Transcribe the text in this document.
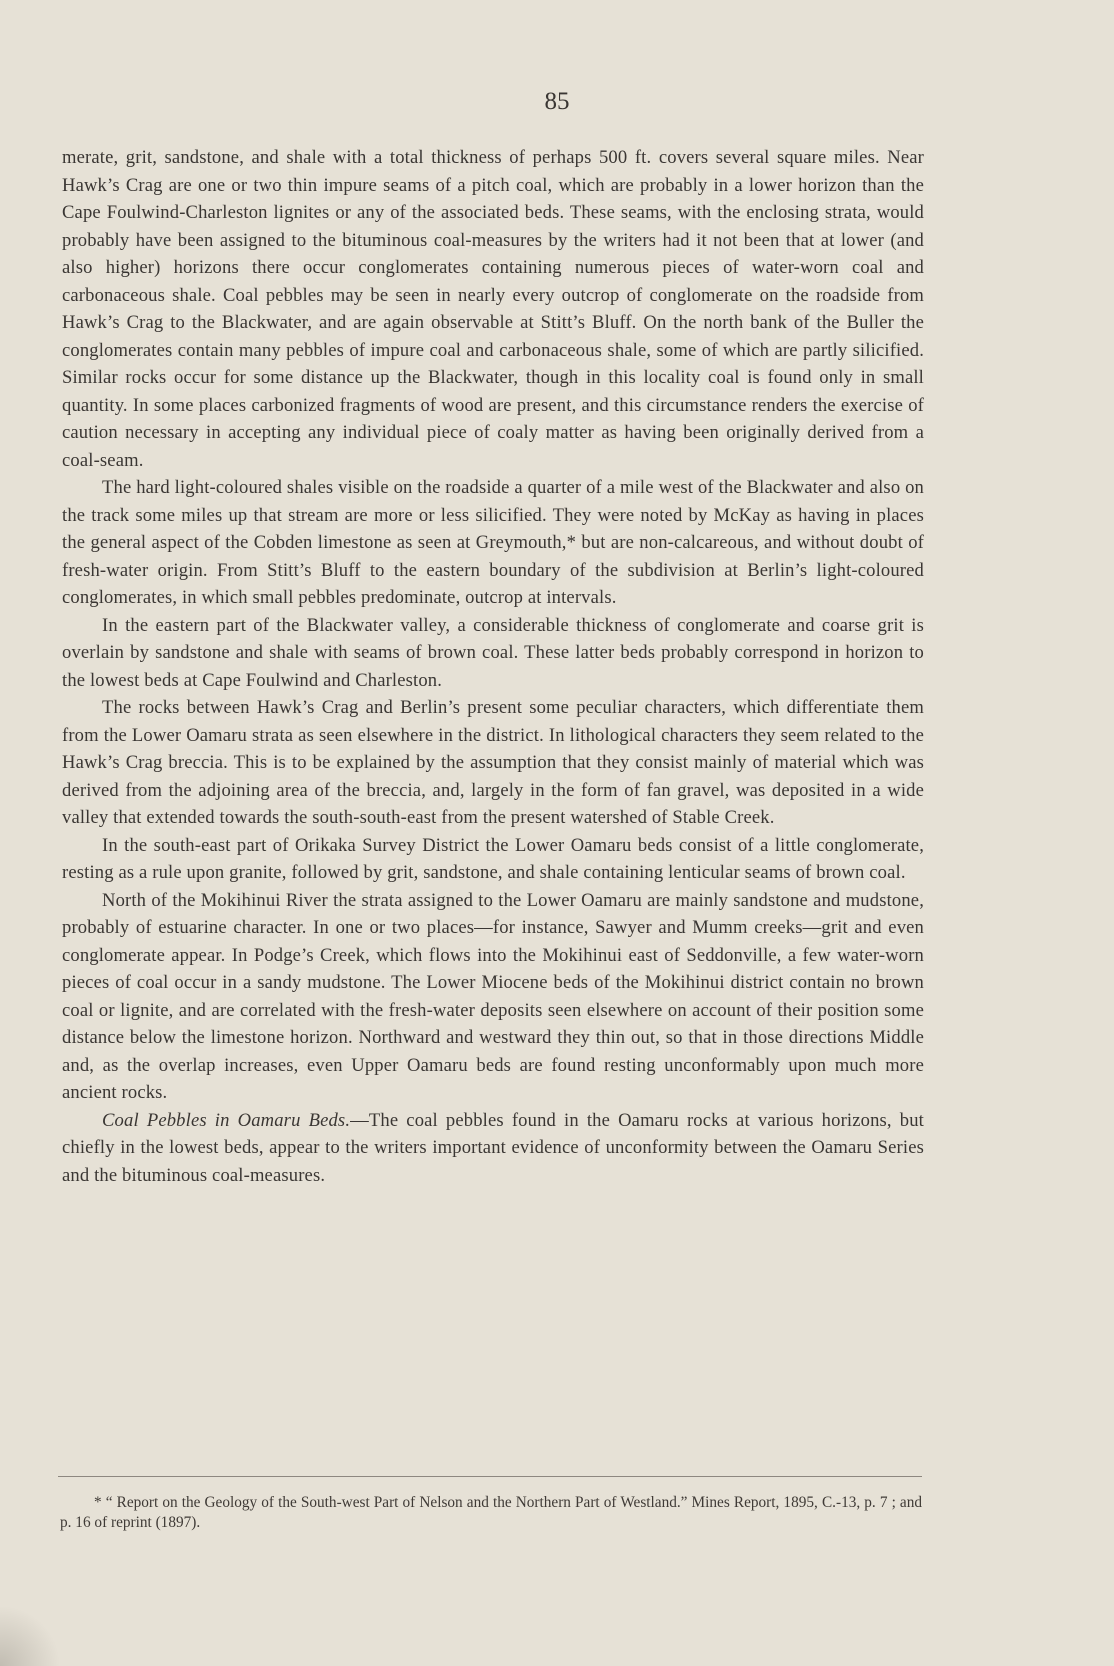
85

merate, grit, sandstone, and shale with a total thickness of perhaps 500 ft. covers several square miles. Near Hawk’s Crag are one or two thin impure seams of a pitch coal, which are probably in a lower horizon than the Cape Foulwind-Charleston lignites or any of the associated beds. These seams, with the enclosing strata, would probably have been assigned to the bituminous coal-measures by the writers had it not been that at lower (and also higher) horizons there occur conglomerates containing numerous pieces of water-worn coal and carbonaceous shale. Coal pebbles may be seen in nearly every outcrop of conglomerate on the roadside from Hawk’s Crag to the Blackwater, and are again observable at Stitt’s Bluff. On the north bank of the Buller the conglomerates contain many pebbles of impure coal and carbonaceous shale, some of which are partly silicified. Similar rocks occur for some distance up the Blackwater, though in this locality coal is found only in small quantity. In some places carbonized fragments of wood are present, and this circumstance renders the exercise of caution necessary in accepting any individual piece of coaly matter as having been originally derived from a coal-seam.

The hard light-coloured shales visible on the roadside a quarter of a mile west of the Blackwater and also on the track some miles up that stream are more or less silicified. They were noted by McKay as having in places the general aspect of the Cobden limestone as seen at Greymouth,* but are non-calcareous, and without doubt of fresh-water origin. From Stitt’s Bluff to the eastern boundary of the subdivision at Berlin’s light-coloured conglomerates, in which small pebbles predominate, outcrop at intervals.

In the eastern part of the Blackwater valley, a considerable thickness of conglomerate and coarse grit is overlain by sandstone and shale with seams of brown coal. These latter beds probably correspond in horizon to the lowest beds at Cape Foulwind and Charleston.

The rocks between Hawk’s Crag and Berlin’s present some peculiar characters, which differentiate them from the Lower Oamaru strata as seen elsewhere in the district. In lithological characters they seem related to the Hawk’s Crag breccia. This is to be explained by the assumption that they consist mainly of material which was derived from the adjoining area of the breccia, and, largely in the form of fan gravel, was deposited in a wide valley that extended towards the south-south-east from the present watershed of Stable Creek.

In the south-east part of Orikaka Survey District the Lower Oamaru beds consist of a little conglomerate, resting as a rule upon granite, followed by grit, sandstone, and shale containing lenticular seams of brown coal.

North of the Mokihinui River the strata assigned to the Lower Oamaru are mainly sandstone and mudstone, probably of estuarine character. In one or two places—for instance, Sawyer and Mumm creeks—grit and even conglomerate appear. In Podge’s Creek, which flows into the Mokihinui east of Seddonville, a few water-worn pieces of coal occur in a sandy mudstone. The Lower Miocene beds of the Mokihinui district contain no brown coal or lignite, and are correlated with the fresh-water deposits seen elsewhere on account of their position some distance below the limestone horizon. Northward and westward they thin out, so that in those directions Middle and, as the overlap increases, even Upper Oamaru beds are found resting unconformably upon much more ancient rocks.

Coal Pebbles in Oamaru Beds.—The coal pebbles found in the Oamaru rocks at various horizons, but chiefly in the lowest beds, appear to the writers important evidence of unconformity between the Oamaru Series and the bituminous coal-measures.

* “ Report on the Geology of the South-west Part of Nelson and the Northern Part of Westland.” Mines Report, 1895, C.-13, p. 7 ; and p. 16 of reprint (1897).
